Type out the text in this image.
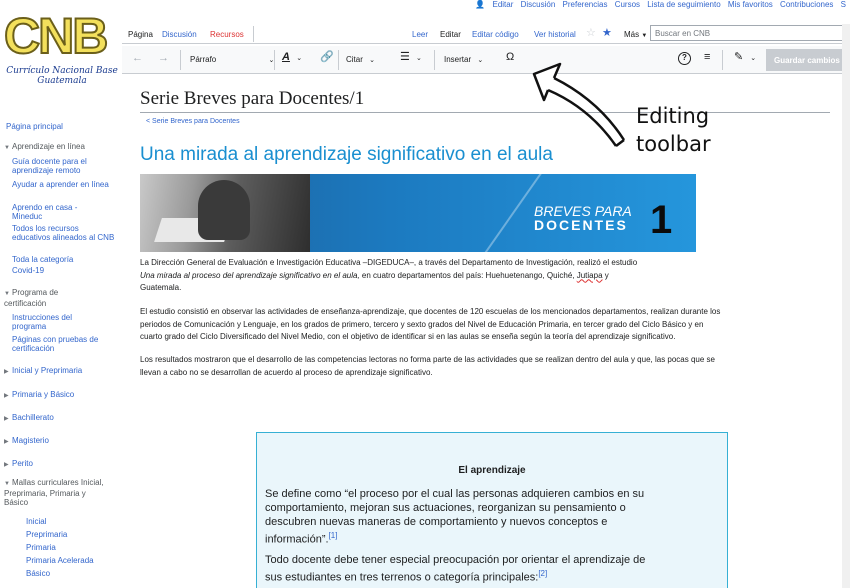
👤 Editar Discusión Preferencias Cursos Lista de seguimiento Mis favoritos Contribuciones S
CNB
Currículo Nacional Base
Guatemala
Página principal
▼ Aprendizaje en línea
Guía docente para el aprendizaje remoto
Ayudar a aprender en línea
Aprendo en casa - Mineduc
Todos los recursos educativos alineados al CNB
Toda la categoría
Covid-19
▼ Programa de certificación
Instrucciones del programa
Páginas con pruebas de certificación
▶ Inicial y Preprimaria
▶ Primaria y Básico
▶ Bachillerato
▶ Magisterio
▶ Perito
▼ Mallas curriculares Inicial, Preprimaria, Primaria y Básico
Inicial
Preprimaria
Primaria
Primaria Acelerada
Básico
Página Discusión Recursos	Leer Editar Editar código Ver historial ☆ ★ Más ▼ Buscar en CNB
← →	Párrafo	⌄ A ⌄ 🔗 Citar ⌄ ☰ ⌄	Insertar ⌄ Ω	?	≡ ✎ ⌄	Guardar cambios
Serie Breves para Docentes/1
< Serie Breves para Docentes
Una mirada al aprendizaje significativo en el aula
BREVES PARA
DOCENTES 1
La Dirección General de Evaluación e Investigación Educativa –DIGEDUCA–, a través del Departamento de Investigación, realizó el estudio
Una mirada al proceso del aprendizaje significativo en el aula, en cuatro departamentos del país: Huehuetenango, Quiché, Jutiapa y
Guatemala.
El estudio consistió en observar las actividades de enseñanza-aprendizaje, que docentes de 120 escuelas de los mencionados departamentos, realizan durante los
periodos de Comunicación y Lenguaje, en los grados de primero, tercero y sexto grados del Nivel de Educación Primaria, en tercer grado del Ciclo Básico y en
cuarto grado del Ciclo Diversificado del Nivel Medio, con el objetivo de identificar si en las aulas se enseña según la teoría del aprendizaje significativo.
Los resultados mostraron que el desarrollo de las competencias lectoras no forma parte de las actividades que se realizan dentro del aula y que, las pocas que se
llevan a cabo no se desarrollan de acuerdo al proceso de aprendizaje significativo.
El aprendizaje
Se define como “el proceso por el cual las personas adquieren cambios en su
comportamiento, mejoran sus actuaciones, reorganizan su pensamiento o
descubren nuevas maneras de comportamiento y nuevos conceptos e
información”.[1]
Todo docente debe tener especial preocupación por orientar el aprendizaje de
sus estudiantes en tres terrenos o categoría principales:[2]
Editing
toolbar
